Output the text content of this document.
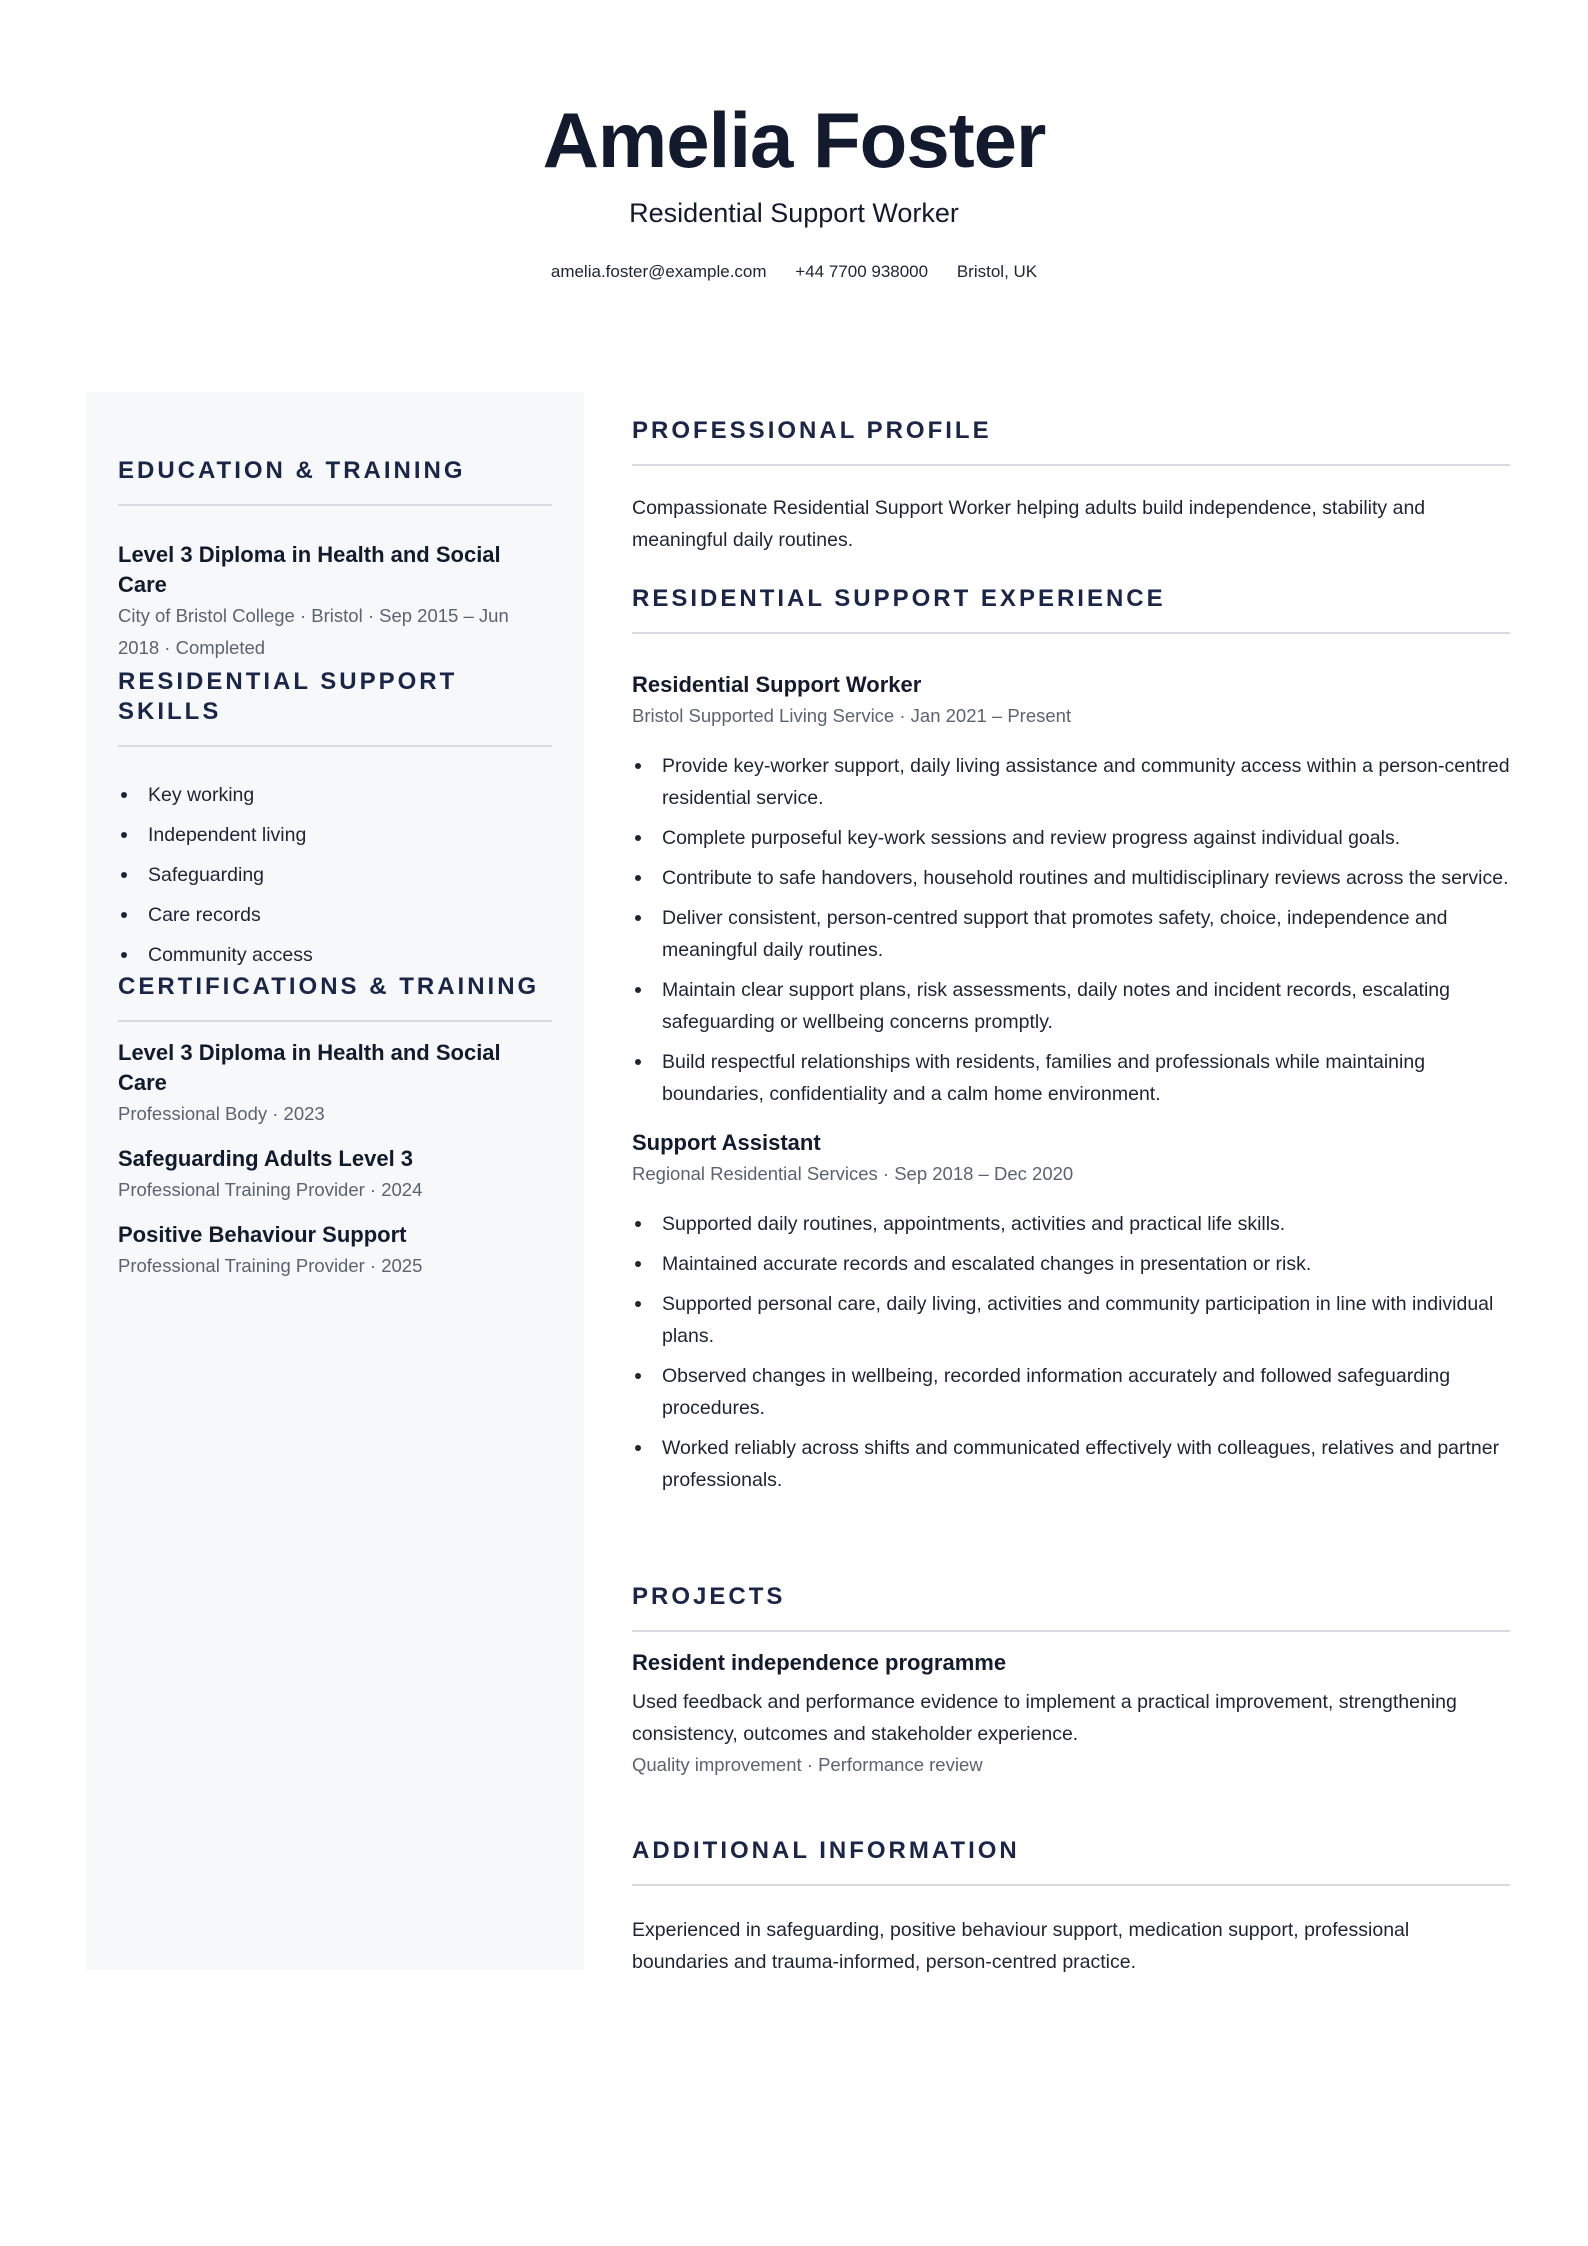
Amelia Foster
Residential Support Worker
amelia.foster@example.com +44 7700 938000 Bristol, UK
EDUCATION & TRAINING
Level 3 Diploma in Health and Social Care
City of Bristol College · Bristol · Sep 2015 – Jun 2018 · Completed
RESIDENTIAL SUPPORT SKILLS
Key working
Independent living
Safeguarding
Care records
Community access
CERTIFICATIONS & TRAINING
Level 3 Diploma in Health and Social Care
Professional Body · 2023
Safeguarding Adults Level 3
Professional Training Provider · 2024
Positive Behaviour Support
Professional Training Provider · 2025
PROFESSIONAL PROFILE
Compassionate Residential Support Worker helping adults build independence, stability and meaningful daily routines.
RESIDENTIAL SUPPORT EXPERIENCE
Residential Support Worker
Bristol Supported Living Service · Jan 2021 – Present
Provide key-worker support, daily living assistance and community access within a person-centred residential service.
Complete purposeful key-work sessions and review progress against individual goals.
Contribute to safe handovers, household routines and multidisciplinary reviews across the service.
Deliver consistent, person-centred support that promotes safety, choice, independence and meaningful daily routines.
Maintain clear support plans, risk assessments, daily notes and incident records, escalating safeguarding or wellbeing concerns promptly.
Build respectful relationships with residents, families and professionals while maintaining boundaries, confidentiality and a calm home environment.
Support Assistant
Regional Residential Services · Sep 2018 – Dec 2020
Supported daily routines, appointments, activities and practical life skills.
Maintained accurate records and escalated changes in presentation or risk.
Supported personal care, daily living, activities and community participation in line with individual plans.
Observed changes in wellbeing, recorded information accurately and followed safeguarding procedures.
Worked reliably across shifts and communicated effectively with colleagues, relatives and partner professionals.
PROJECTS
Resident independence programme
Used feedback and performance evidence to implement a practical improvement, strengthening consistency, outcomes and stakeholder experience.
Quality improvement · Performance review
ADDITIONAL INFORMATION
Experienced in safeguarding, positive behaviour support, medication support, professional boundaries and trauma-informed, person-centred practice.
